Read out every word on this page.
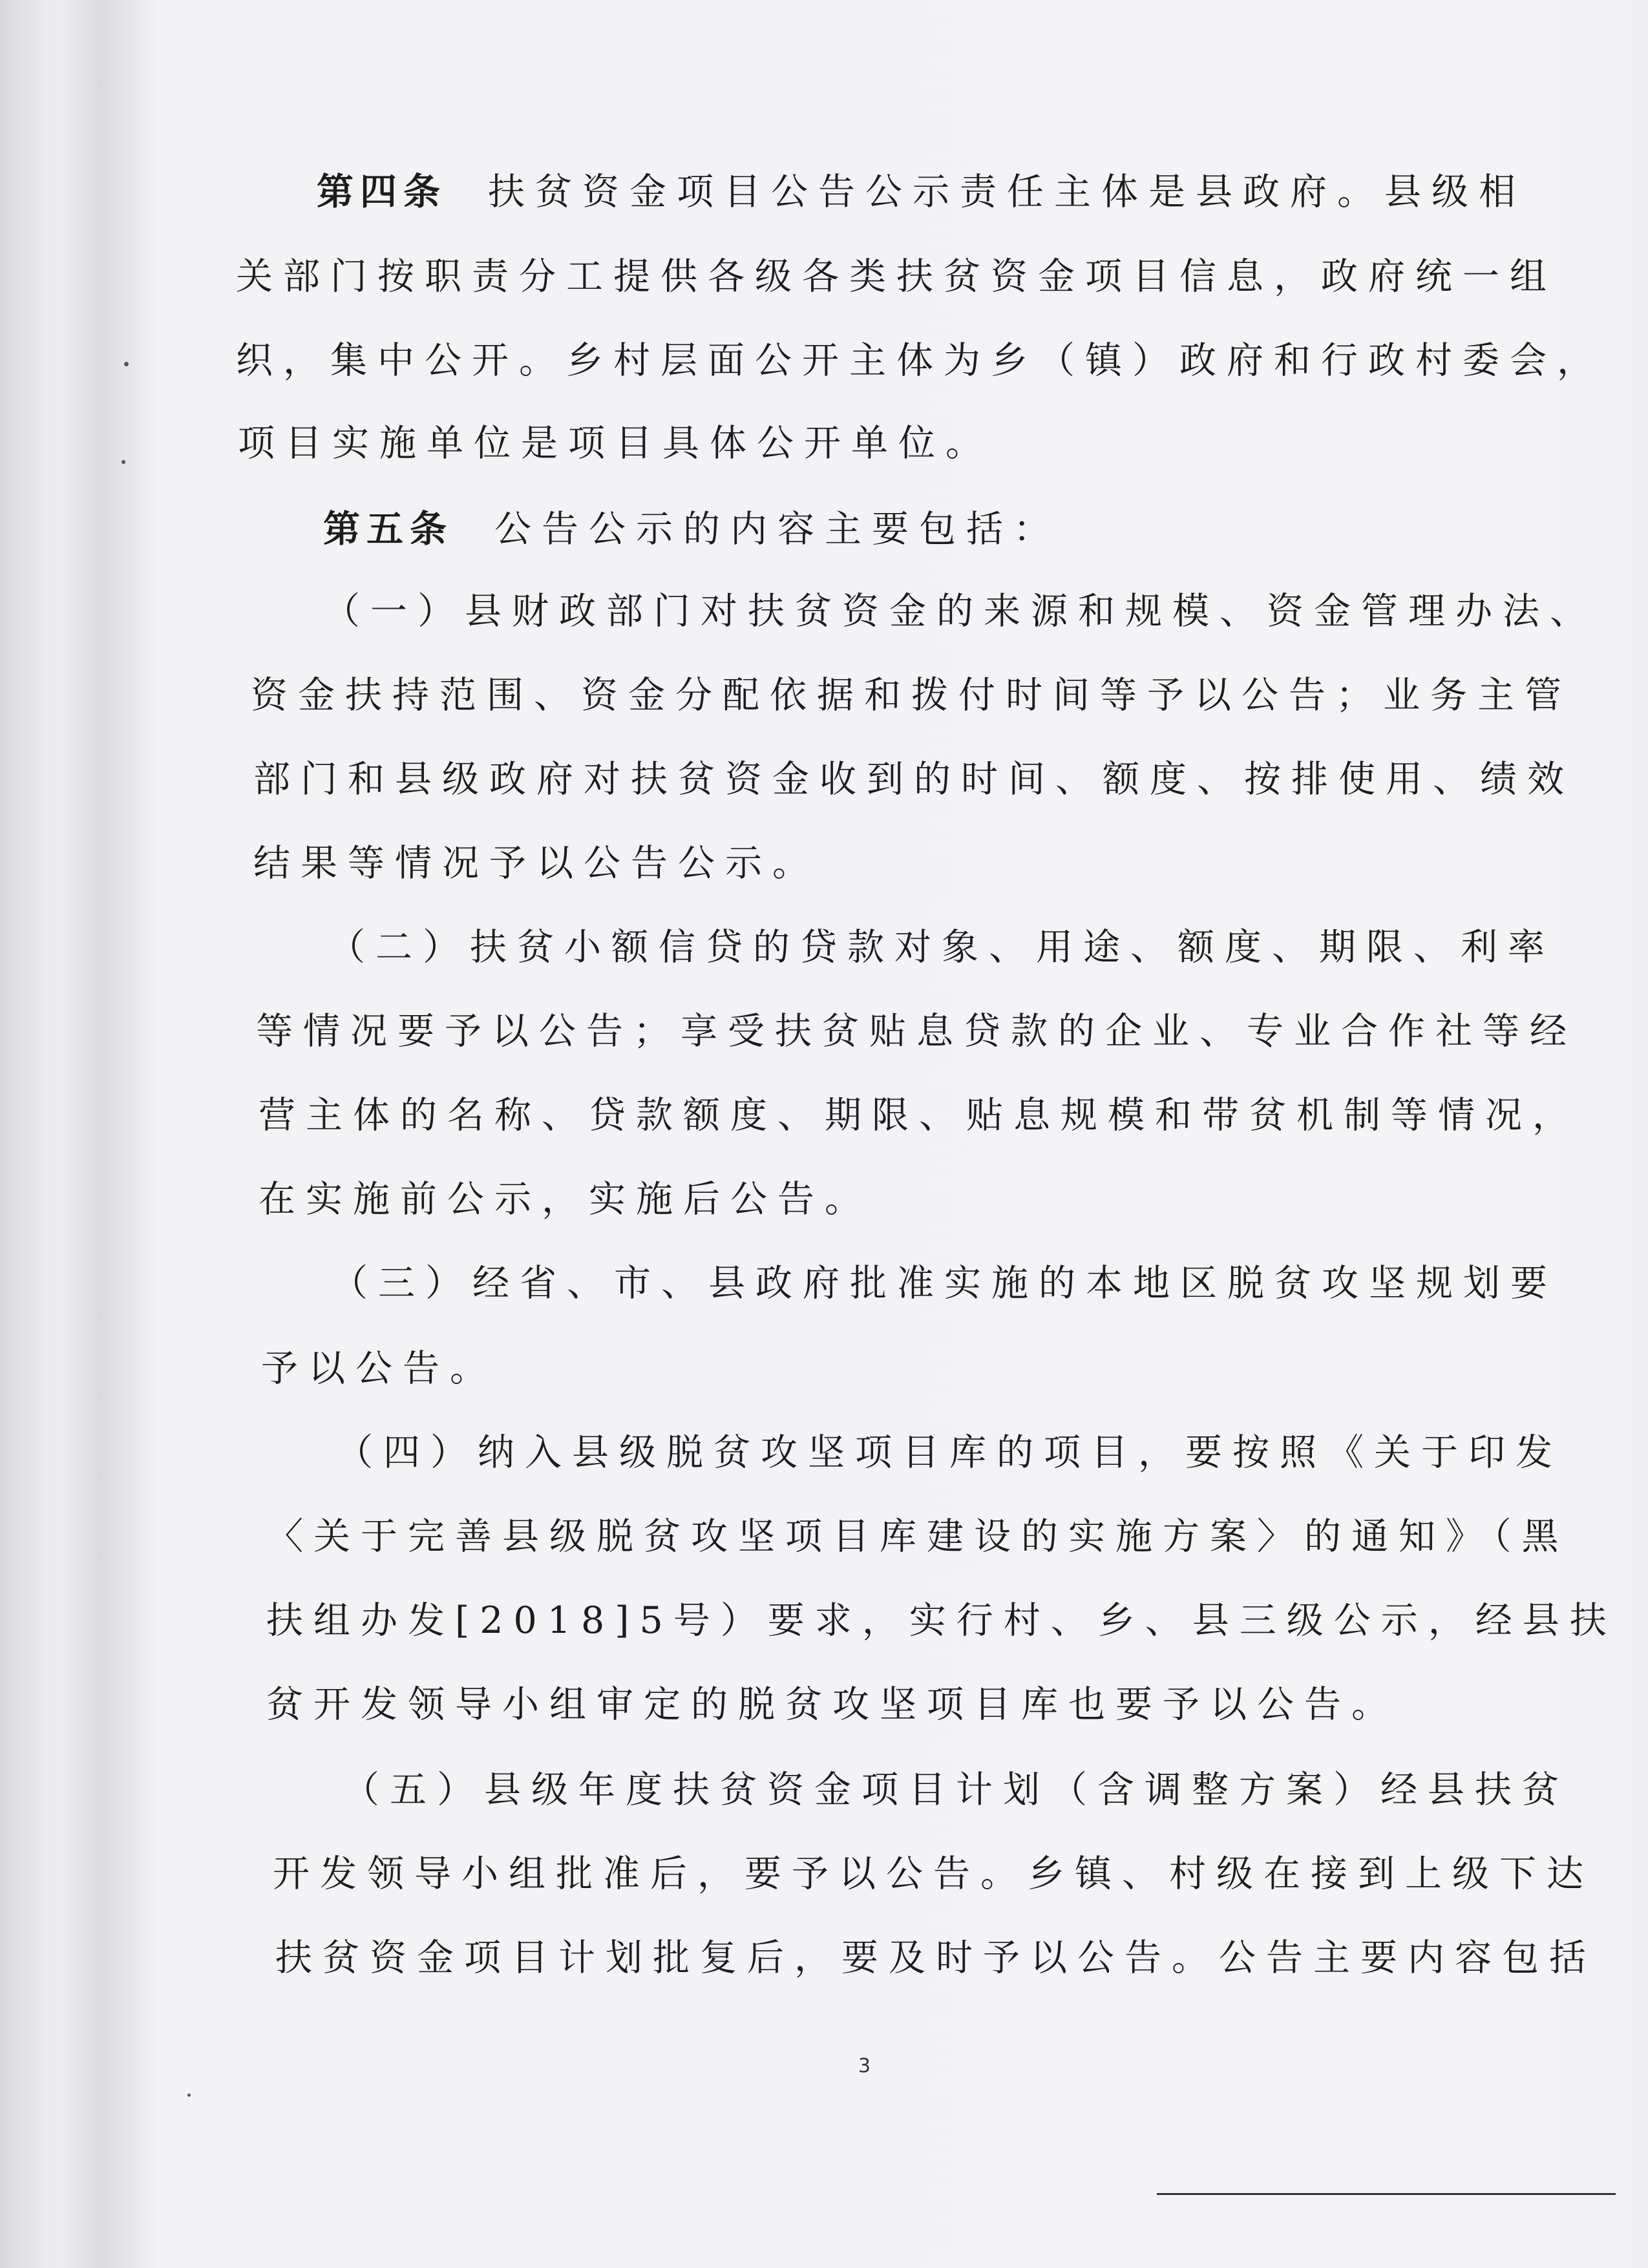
第四条 扶贫资金项目公告公示责任主体是县政府。县级相
关部门按职责分工提供各级各类扶贫资金项目信息，政府统一组
织，集中公开。乡村层面公开主体为乡（镇）政府和行政村委会，
项目实施单位是项目具体公开单位。
第五条 公告公示的内容主要包括：
（一）县财政部门对扶贫资金的来源和规模、资金管理办法、
资金扶持范围、资金分配依据和拨付时间等予以公告；业务主管
部门和县级政府对扶贫资金收到的时间、额度、按排使用、绩效
结果等情况予以公告公示。
（二）扶贫小额信贷的贷款对象、用途、额度、期限、利率
等情况要予以公告；享受扶贫贴息贷款的企业、专业合作社等经
营主体的名称、贷款额度、期限、贴息规模和带贫机制等情况，
在实施前公示，实施后公告。
（三）经省、市、县政府批准实施的本地区脱贫攻坚规划要
予以公告。
（四）纳入县级脱贫攻坚项目库的项目，要按照《关于印发
〈关于完善县级脱贫攻坚项目库建设的实施方案〉的通知》（黑
扶组办发[2018]5号）要求，实行村、乡、县三级公示，经县扶
贫开发领导小组审定的脱贫攻坚项目库也要予以公告。
（五）县级年度扶贫资金项目计划（含调整方案）经县扶贫
开发领导小组批准后，要予以公告。乡镇、村级在接到上级下达
扶贫资金项目计划批复后，要及时予以公告。公告主要内容包括
3
